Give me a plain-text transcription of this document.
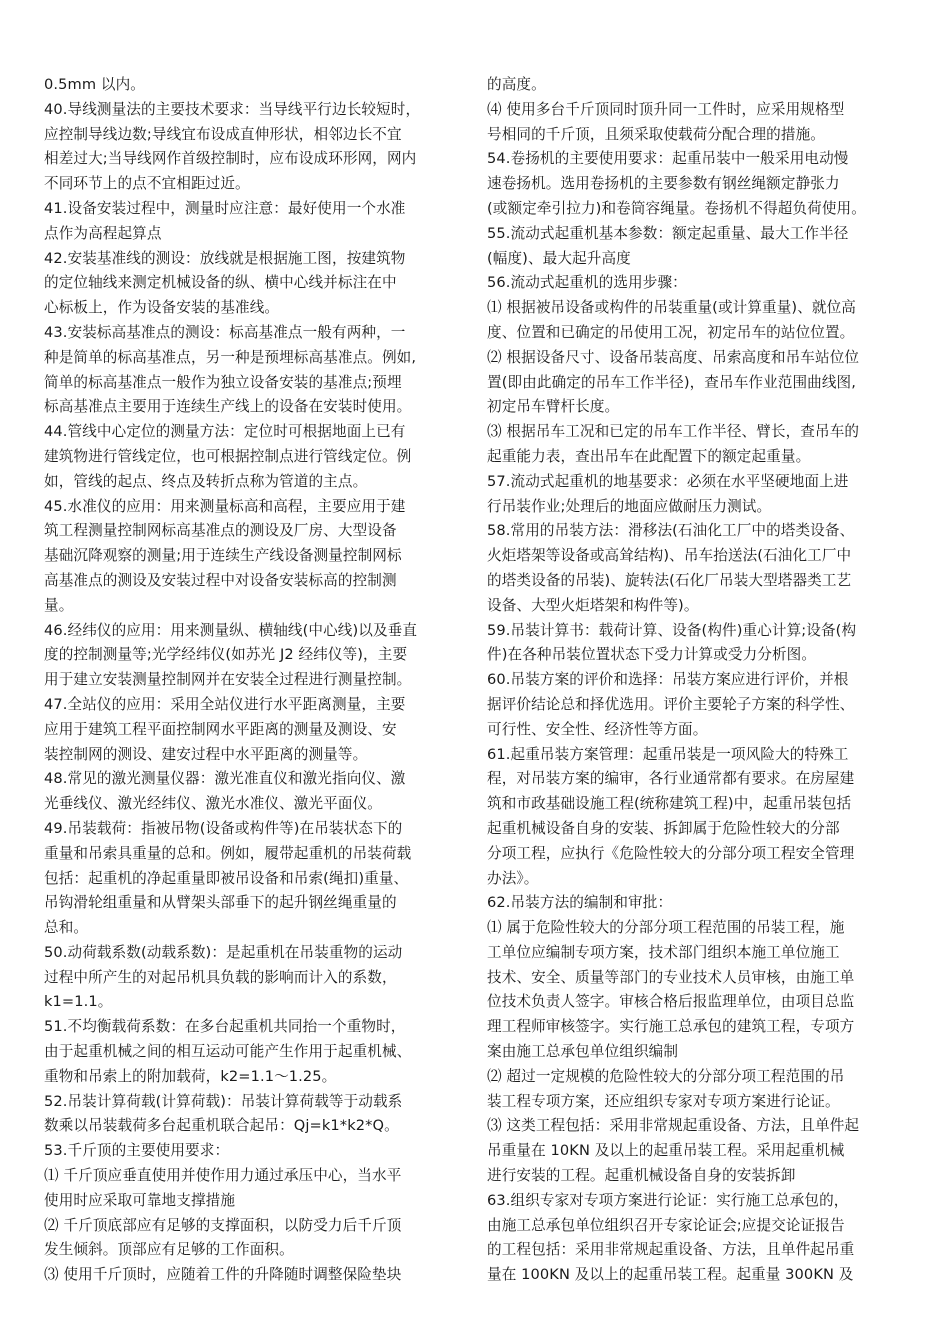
0.5mm 以内。
40.导线测量法的主要技术要求：当导线平行边长较短时，
应控制导线边数;导线宜布设成直伸形状，相邻边长不宜
相差过大;当导线网作首级控制时，应布设成环形网，网内
不同环节上的点不宜相距过近。
41.设备安装过程中，测量时应注意：最好使用一个水准
点作为高程起算点
42.安装基准线的测设：放线就是根据施工图，按建筑物
的定位轴线来测定机械设备的纵、横中心线并标注在中
心标板上，作为设备安装的基准线。
43.安装标高基准点的测设：标高基准点一般有两种，一
种是简单的标高基准点，另一种是预埋标高基准点。例如,
简单的标高基准点一般作为独立设备安装的基准点;预埋
标高基准点主要用于连续生产线上的设备在安装时使用。
44.管线中心定位的测量方法：定位时可根据地面上已有
建筑物进行管线定位，也可根据控制点进行管线定位。例
如，管线的起点、终点及转折点称为管道的主点。
45.水准仪的应用：用来测量标高和高程，主要应用于建
筑工程测量控制网标高基准点的测设及厂房、大型设备
基础沉降观察的测量;用于连续生产线设备测量控制网标
高基准点的测设及安装过程中对设备安装标高的控制测
量。
46.经纬仪的应用：用来测量纵、横轴线(中心线)以及垂直
度的控制测量等;光学经纬仪(如苏光 J2 经纬仪等)，主要
用于建立安装测量控制网并在安装全过程进行测量控制。
47.全站仪的应用：采用全站仪进行水平距离测量，主要
应用于建筑工程平面控制网水平距离的测量及测设、安
装控制网的测设、建安过程中水平距离的测量等。
48.常见的激光测量仪器：激光准直仪和激光指向仪、激
光垂线仪、激光经纬仪、激光水准仪、激光平面仪。
49.吊装载荷：指被吊物(设备或构件等)在吊装状态下的
重量和吊索具重量的总和。例如，履带起重机的吊装荷载
包括：起重机的净起重量即被吊设备和吊索(绳扣)重量、
吊钩滑轮组重量和从臂架头部垂下的起升钢丝绳重量的
总和。
50.动荷载系数(动载系数)：是起重机在吊装重物的运动
过程中所产生的对起吊机具负载的影响而计入的系数，
k1=1.1。
51.不均衡载荷系数：在多台起重机共同抬一个重物时，
由于起重机械之间的相互运动可能产生作用于起重机械、
重物和吊索上的附加载荷，k2=1.1～1.25。
52.吊装计算荷载(计算荷载)：吊装计算荷载等于动载系
数乘以吊装载荷多台起重机联合起吊：Qj=k1*k2*Q。
53.千斤顶的主要使用要求：
⑴ 千斤顶应垂直使用并使作用力通过承压中心，当水平
使用时应采取可靠地支撑措施
⑵ 千斤顶底部应有足够的支撑面积，以防受力后千斤顶
发生倾斜。顶部应有足够的工作面积。
⑶ 使用千斤顶时，应随着工件的升降随时调整保险垫块
的高度。
⑷ 使用多台千斤顶同时顶升同一工件时，应采用规格型
号相同的千斤顶，且须采取使载荷分配合理的措施。
54.卷扬机的主要使用要求：起重吊装中一般采用电动慢
速卷扬机。选用卷扬机的主要参数有钢丝绳额定静张力
(或额定牵引拉力)和卷筒容绳量。卷扬机不得超负荷使用。
55.流动式起重机基本参数：额定起重量、最大工作半径
(幅度)、最大起升高度
56.流动式起重机的选用步骤：
⑴ 根据被吊设备或构件的吊装重量(或计算重量)、就位高
度、位置和已确定的吊使用工况，初定吊车的站位位置。
⑵ 根据设备尺寸、设备吊装高度、吊索高度和吊车站位位
置(即由此确定的吊车工作半径)，查吊车作业范围曲线图,
初定吊车臂杆长度。
⑶ 根据吊车工况和已定的吊车工作半径、臂长，查吊车的
起重能力表，查出吊车在此配置下的额定起重量。
57.流动式起重机的地基要求：必须在水平坚硬地面上进
行吊装作业;处理后的地面应做耐压力测试。
58.常用的吊装方法：滑移法(石油化工厂中的塔类设备、
火炬塔架等设备或高耸结构)、吊车抬送法(石油化工厂中
的塔类设备的吊装)、旋转法(石化厂吊装大型塔器类工艺
设备、大型火炬塔架和构件等)。
59.吊装计算书：载荷计算、设备(构件)重心计算;设备(构
件)在各种吊装位置状态下受力计算或受力分析图。
60.吊装方案的评价和选择：吊装方案应进行评价，并根
据评价结论总和择优选用。评价主要轮子方案的科学性、
可行性、安全性、经济性等方面。
61.起重吊装方案管理：起重吊装是一项风险大的特殊工
程，对吊装方案的编审，各行业通常都有要求。在房屋建
筑和市政基础设施工程(统称建筑工程)中，起重吊装包括
起重机械设备自身的安装、拆卸属于危险性较大的分部
分项工程，应执行《危险性较大的分部分项工程安全管理
办法》。
62.吊装方法的编制和审批：
⑴ 属于危险性较大的分部分项工程范围的吊装工程，施
工单位应编制专项方案，技术部门组织本施工单位施工
技术、安全、质量等部门的专业技术人员审核，由施工单
位技术负责人签字。审核合格后报监理单位，由项目总监
理工程师审核签字。实行施工总承包的建筑工程，专项方
案由施工总承包单位组织编制
⑵ 超过一定规模的危险性较大的分部分项工程范围的吊
装工程专项方案，还应组织专家对专项方案进行论证。
⑶ 这类工程包括：采用非常规起重设备、方法，且单件起
吊重量在 10KN 及以上的起重吊装工程。采用起重机械
进行安装的工程。起重机械设备自身的安装拆卸
63.组织专家对专项方案进行论证：实行施工总承包的，
由施工总承包单位组织召开专家论证会;应提交论证报告
的工程包括：采用非常规起重设备、方法，且单件起吊重
量在 100KN 及以上的起重吊装工程。起重量 300KN 及
